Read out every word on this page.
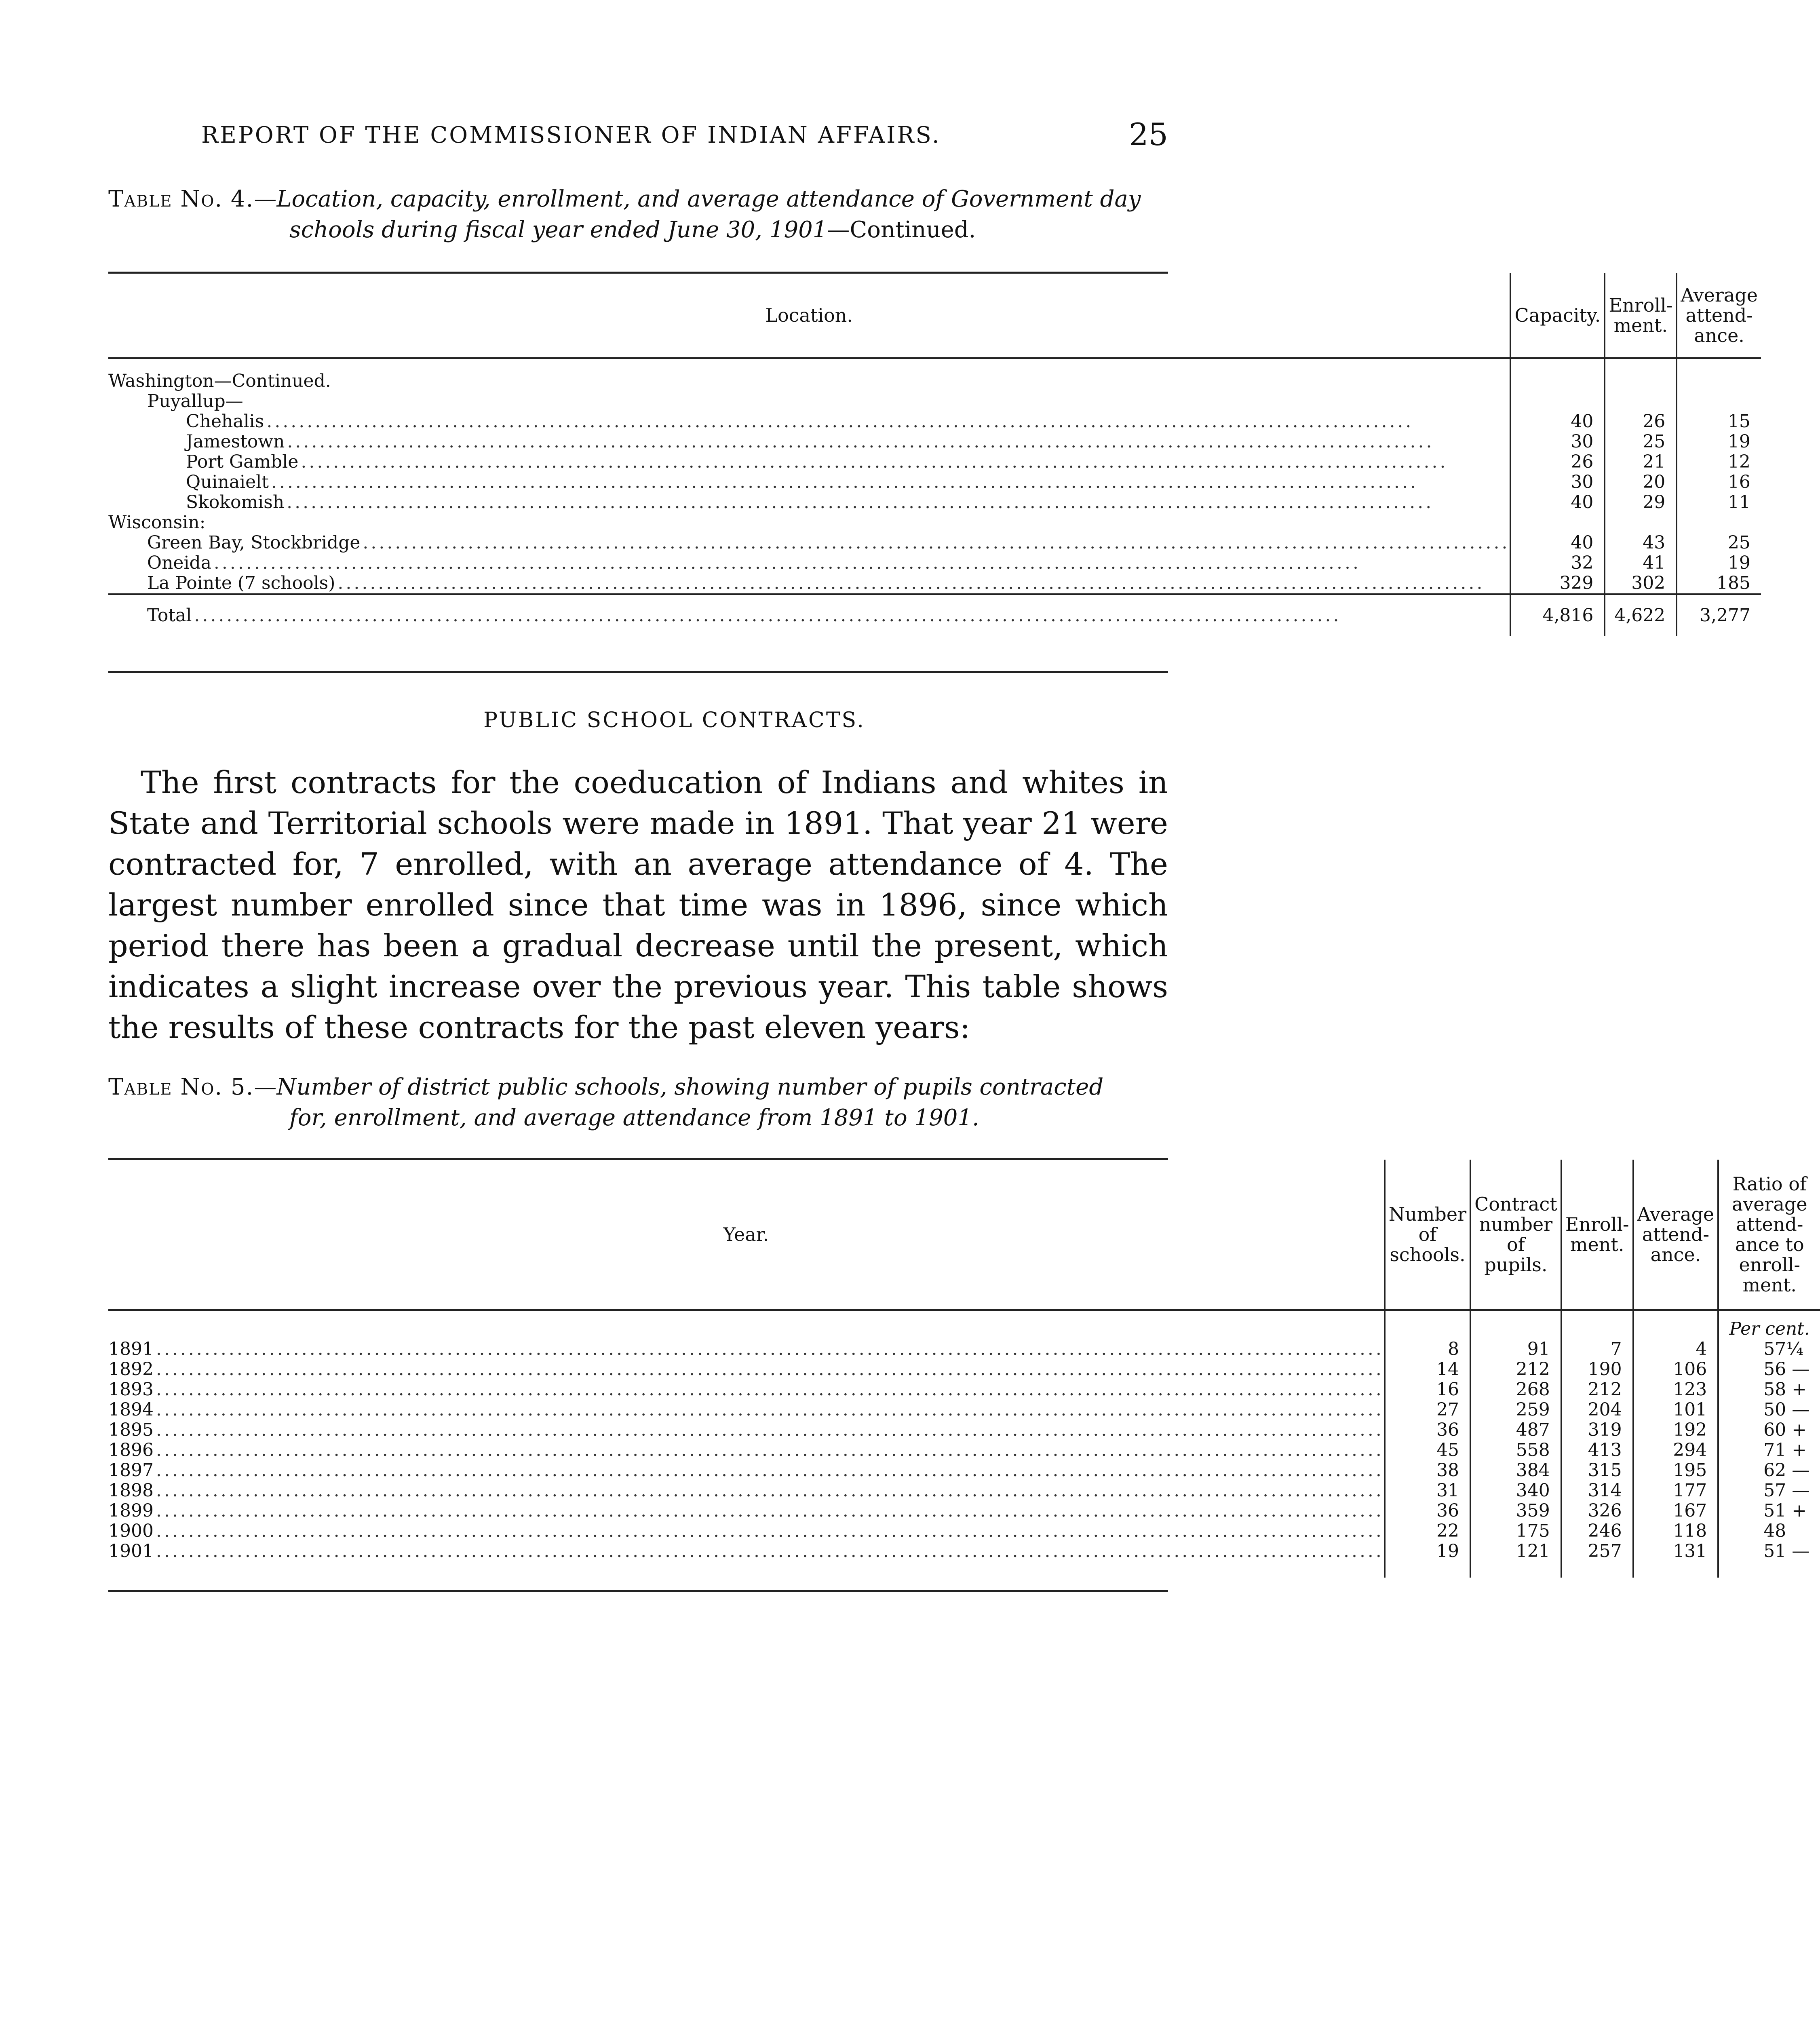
REPORT OF THE COMMISSIONER OF INDIAN AFFAIRS.	25
Table No. 4.—Location, capacity, enrollment, and average attendance of Government day
schools during fiscal year ended June 30, 1901—Continued.
Location.	Capacity.	Enroll-ment.	Average attend-ance.

Washington—Continued.			
Puyallup—			

Chehalis ..............................................................................................................................................	40	26	15

Jamestown ..............................................................................................................................................	30	25	19

Port Gamble ..............................................................................................................................................	26	21	12

Quinaielt ..............................................................................................................................................	30	20	16

Skokomish ..............................................................................................................................................	40	29	11
Wisconsin:			

Green Bay, Stockbridge ..............................................................................................................................................	40	43	25

Oneida ..............................................................................................................................................	32	41	19

La Pointe (7 schools) ..............................................................................................................................................	329	302	185

Total ..............................................................................................................................................	4,816	4,622	3,277
PUBLIC SCHOOL CONTRACTS.
The first contracts for the coeducation of Indians and whites in State and Territorial schools were made in 1891. That year 21 were contracted for, 7 enrolled, with an average attendance of 4. The largest number enrolled since that time was in 1896, since which period there has been a gradual decrease until the present, which indicates a slight increase over the previous year. This table shows the results of these contracts for the past eleven years:
Table No. 5.—Number of district public schools, showing number of pupils contracted
for, enrollment, and average attendance from 1891 to 1901.
Year.	Number of schools.	Contract number of pupils.	Enroll-ment.	Average attend-ance.	Ratio of average attend-ance to enroll-ment.
					Per cent.

1891 ........................................................................................................................................................	8	91	7	4	57¼

1892 ........................................................................................................................................................	14	212	190	106	56 —

1893 ........................................................................................................................................................	16	268	212	123	58 +

1894 ........................................................................................................................................................	27	259	204	101	50 —

1895 ........................................................................................................................................................	36	487	319	192	60 +

1896 ........................................................................................................................................................	45	558	413	294	71 +

1897 ........................................................................................................................................................	38	384	315	195	62 —

1898 ........................................................................................................................................................	31	340	314	177	57 —

1899 ........................................................................................................................................................	36	359	326	167	51 +

1900 ........................................................................................................................................................	22	175	246	118	48

1901 ........................................................................................................................................................	19	121	257	131	51 —
